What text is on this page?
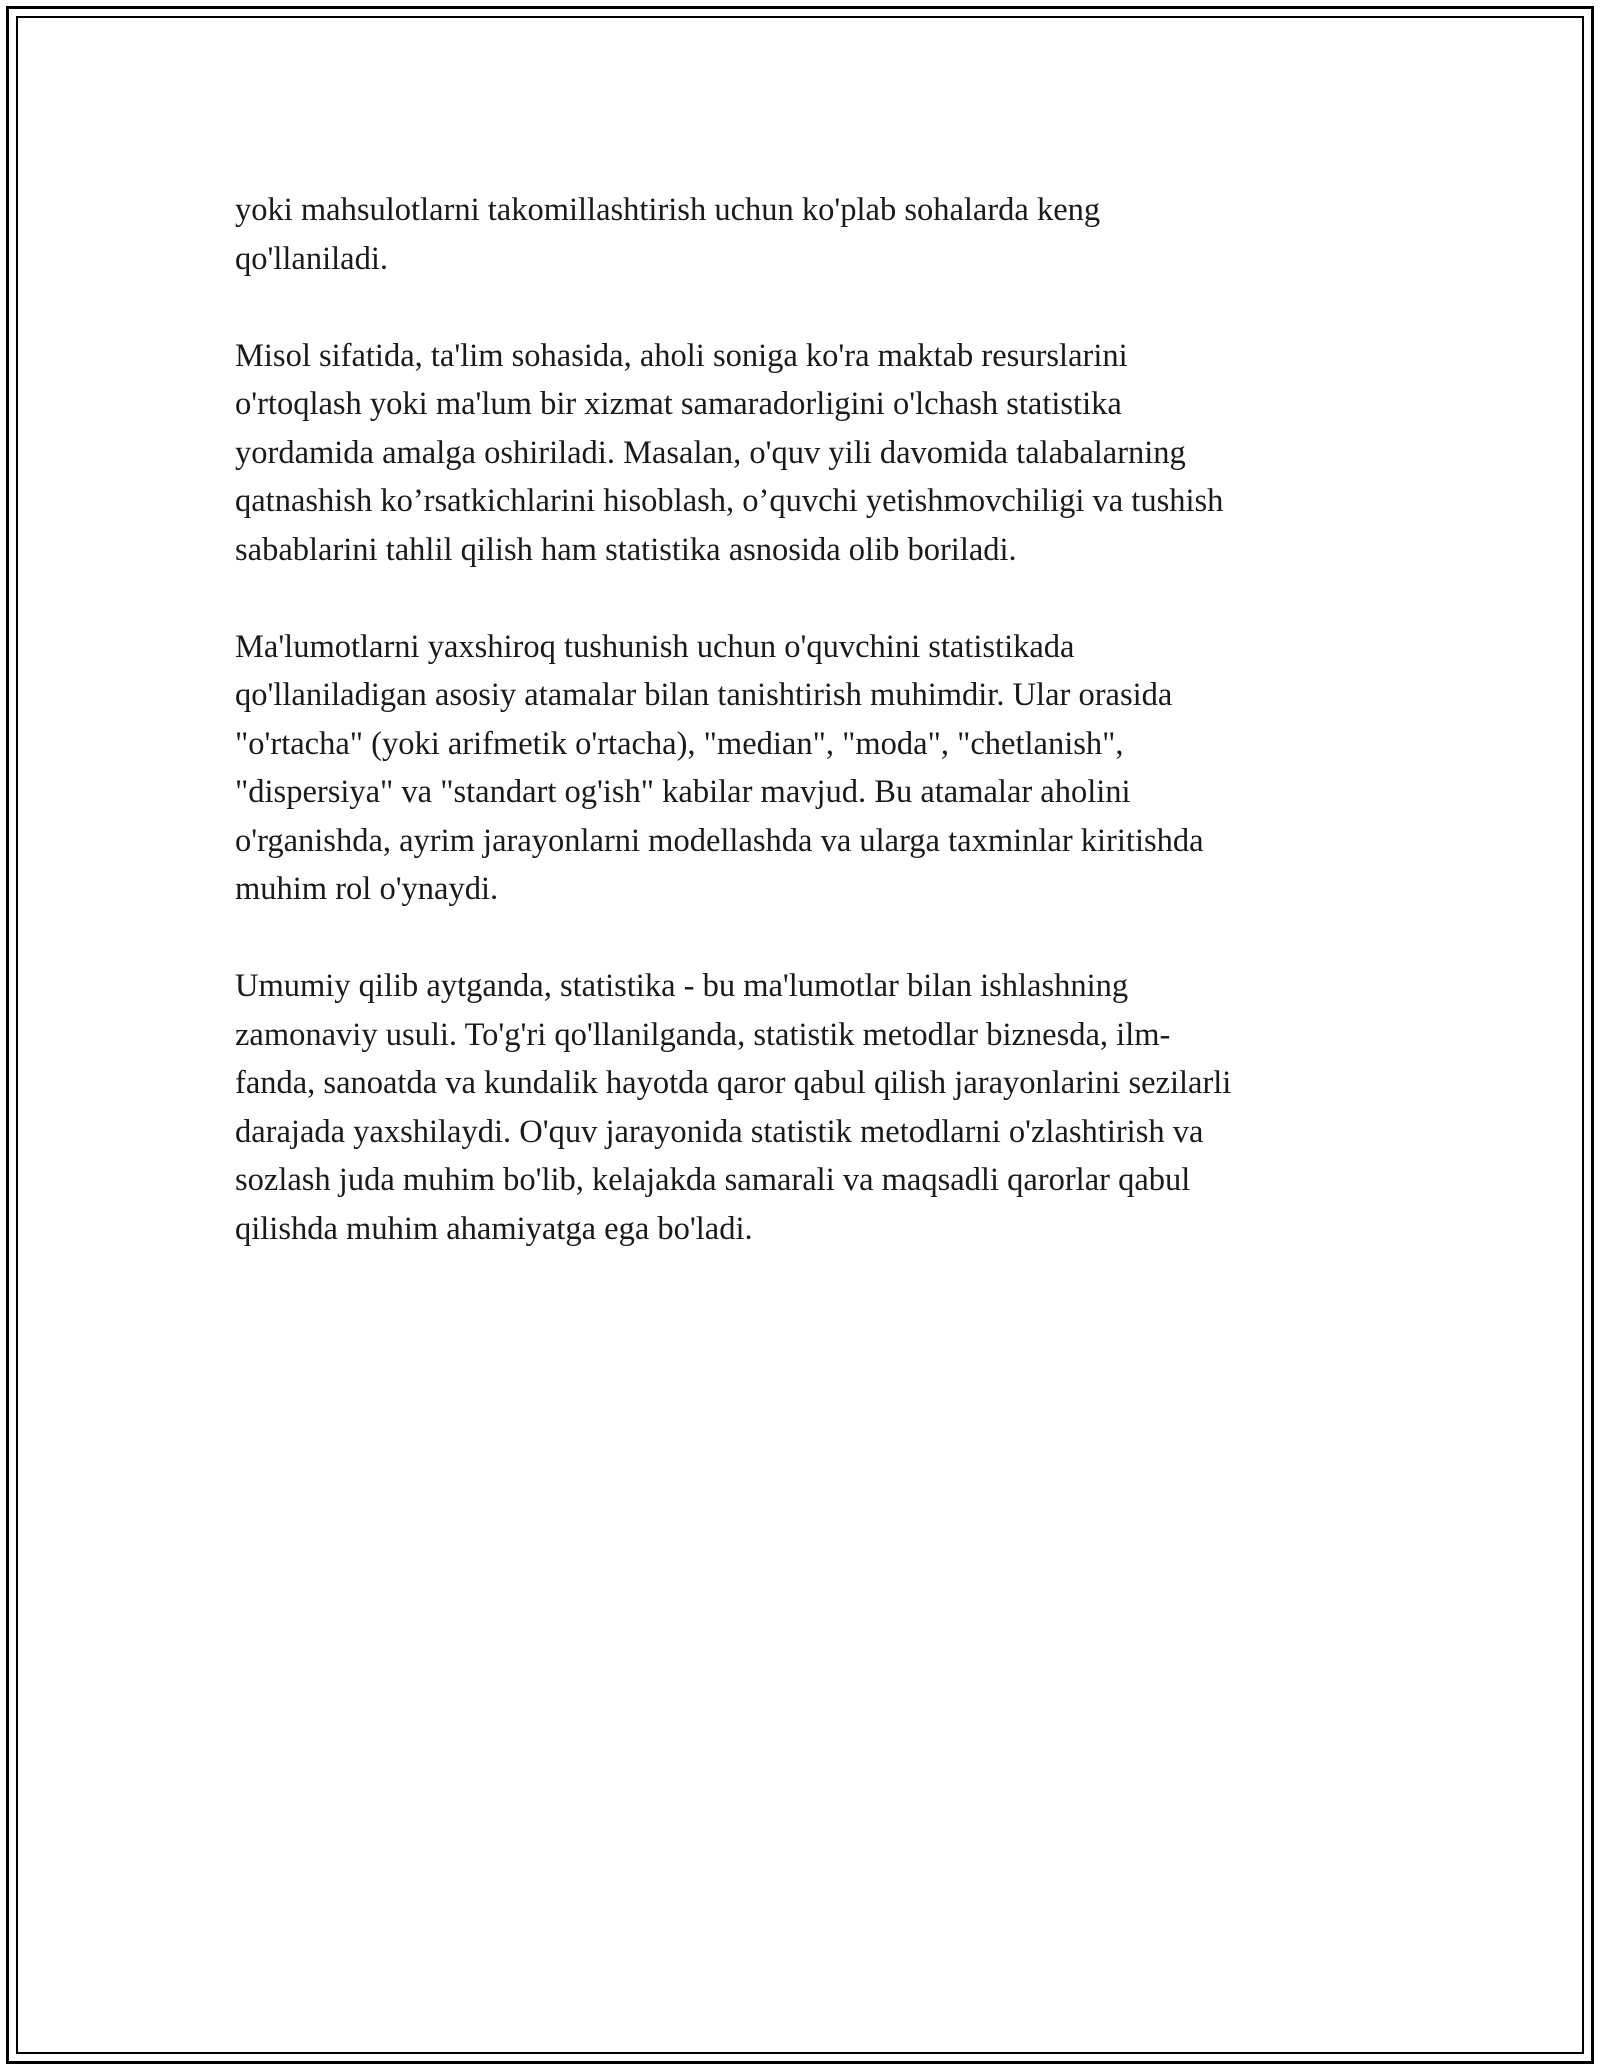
yoki mahsulotlarni takomillashtirish uchun ko'plab sohalarda keng
qo'llaniladi.

Misol sifatida, ta'lim sohasida, aholi soniga ko'ra maktab resurslarini
o'rtoqlash yoki ma'lum bir xizmat samaradorligini o'lchash statistika
yordamida amalga oshiriladi. Masalan, o'quv yili davomida talabalarning
qatnashish ko’rsatkichlarini hisoblash, o’quvchi yetishmovchiligi va tushish
sabablarini tahlil qilish ham statistika asnosida olib boriladi.

Ma'lumotlarni yaxshiroq tushunish uchun o'quvchini statistikada
qo'llaniladigan asosiy atamalar bilan tanishtirish muhimdir. Ular orasida
"o'rtacha" (yoki arifmetik o'rtacha), "median", "moda", "chetlanish",
"dispersiya" va "standart og'ish" kabilar mavjud. Bu atamalar aholini
o'rganishda, ayrim jarayonlarni modellashda va ularga taxminlar kiritishda
muhim rol o'ynaydi.

Umumiy qilib aytganda, statistika - bu ma'lumotlar bilan ishlashning
zamonaviy usuli. To'g'ri qo'llanilganda, statistik metodlar biznesda, ilm-
fanda, sanoatda va kundalik hayotda qaror qabul qilish jarayonlarini sezilarli
darajada yaxshilaydi. O'quv jarayonida statistik metodlarni o'zlashtirish va
sozlash juda muhim bo'lib, kelajakda samarali va maqsadli qarorlar qabul
qilishda muhim ahamiyatga ega bo'ladi.
